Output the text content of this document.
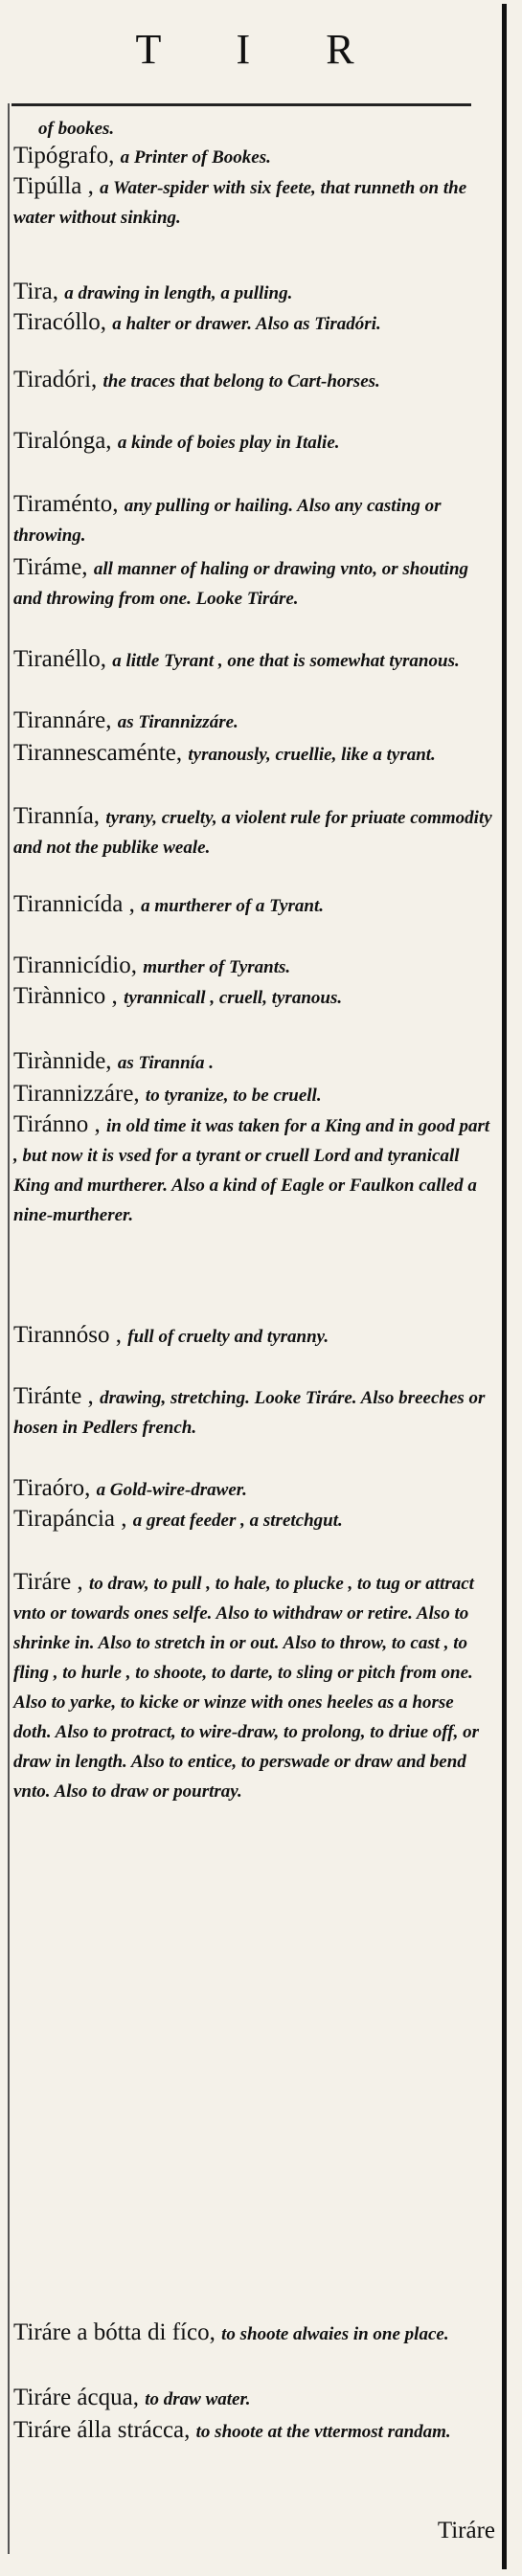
T I R
of bookes.
Tipógrafo, a Printer of Bookes.
Tipúlla , a Water-spider with six feete, that runneth on the water without sinking.
Tira, a drawing in length, a pulling.
Tiracóllo, a halter or drawer. Also as Tiradóri.
Tiradóri, the traces that belong to Cart-horses.
Tiralónga, a kinde of boies play in Italie.
Tiraménto, any pulling or hailing. Also any casting or throwing.
Tiráme, all manner of haling or drawing vnto, or shouting and throwing from one. Looke Tiráre.
Tiranéllo, a little Tyrant , one that is somewhat tyranous.
Tirannáre, as Tirannizzáre.
Tirannescaménte, tyranously, cruellie, like a tyrant.
Tirannía, tyrany, cruelty, a violent rule for priuate commodity and not the publike weale.
Tirannicída , a murtherer of a Tyrant.
Tirannicídio, murther of Tyrants.
Tirànnico , tyrannicall , cruell, tyranous.
Tirànnide, as Tirannía .
Tirannizzáre, to tyranize, to be cruell.
Tiránno , in old time it was taken for a King and in good part , but now it is vsed for a tyrant or cruell Lord and tyranicall King and murtherer. Also a kind of Eagle or Faulkon called a nine-murtherer.
Tirannóso , full of cruelty and tyranny.
Tiránte , drawing, stretching. Looke Tiráre. Also breeches or hosen in Pedlers french.
Tiraóro, a Gold-wire-drawer.
Tirapáncia , a great feeder , a stretchgut.
Tiráre , to draw, to pull , to hale, to plucke , to tug or attract vnto or towards ones selfe. Also to withdraw or retire. Also to shrinke in. Also to stretch in or out. Also to throw, to cast , to fling , to hurle , to shoote, to darte, to sling or pitch from one. Also to yarke, to kicke or winze with ones heeles as a horse doth. Also to protract, to wire-draw, to prolong, to driue off, or draw in length. Also to entice, to perswade or draw and bend vnto. Also to draw or pourtray.
Tiráre a bótta di fíco, to shoote alwaies in one place.
Tiráre ácqua, to draw water.
Tiráre álla strácca, to shoote at the vttermost randam.
Tiráre
